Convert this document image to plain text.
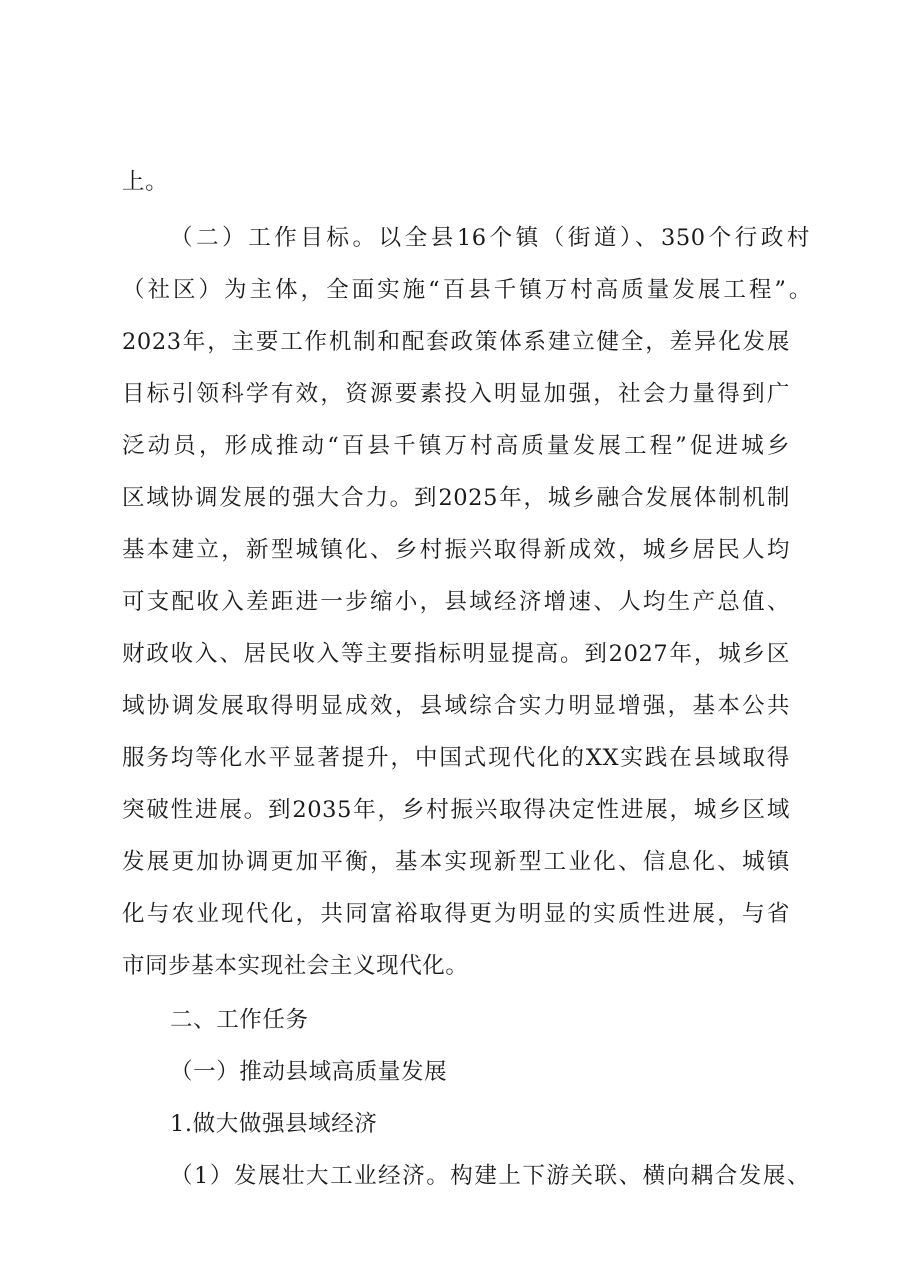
上。
（二）工作目标。以全县16个镇（街道）、350个行政村
（社区）为主体，全面实施“百县千镇万村高质量发展工程”。
2023年，主要工作机制和配套政策体系建立健全，差异化发展
目标引领科学有效，资源要素投入明显加强，社会力量得到广
泛动员，形成推动“百县千镇万村高质量发展工程”促进城乡
区域协调发展的强大合力。到2025年，城乡融合发展体制机制
基本建立，新型城镇化、乡村振兴取得新成效，城乡居民人均
可支配收入差距进一步缩小，县域经济增速、人均生产总值、
财政收入、居民收入等主要指标明显提高。到2027年，城乡区
域协调发展取得明显成效，县域综合实力明显增强，基本公共
服务均等化水平显著提升，中国式现代化的XX实践在县域取得
突破性进展。到2035年，乡村振兴取得决定性进展，城乡区域
发展更加协调更加平衡，基本实现新型工业化、信息化、城镇
化与农业现代化，共同富裕取得更为明显的实质性进展，与省
市同步基本实现社会主义现代化。
二、工作任务
（一）推动县域高质量发展
1.做大做强县域经济
（1）发展壮大工业经济。构建上下游关联、横向耦合发展、
